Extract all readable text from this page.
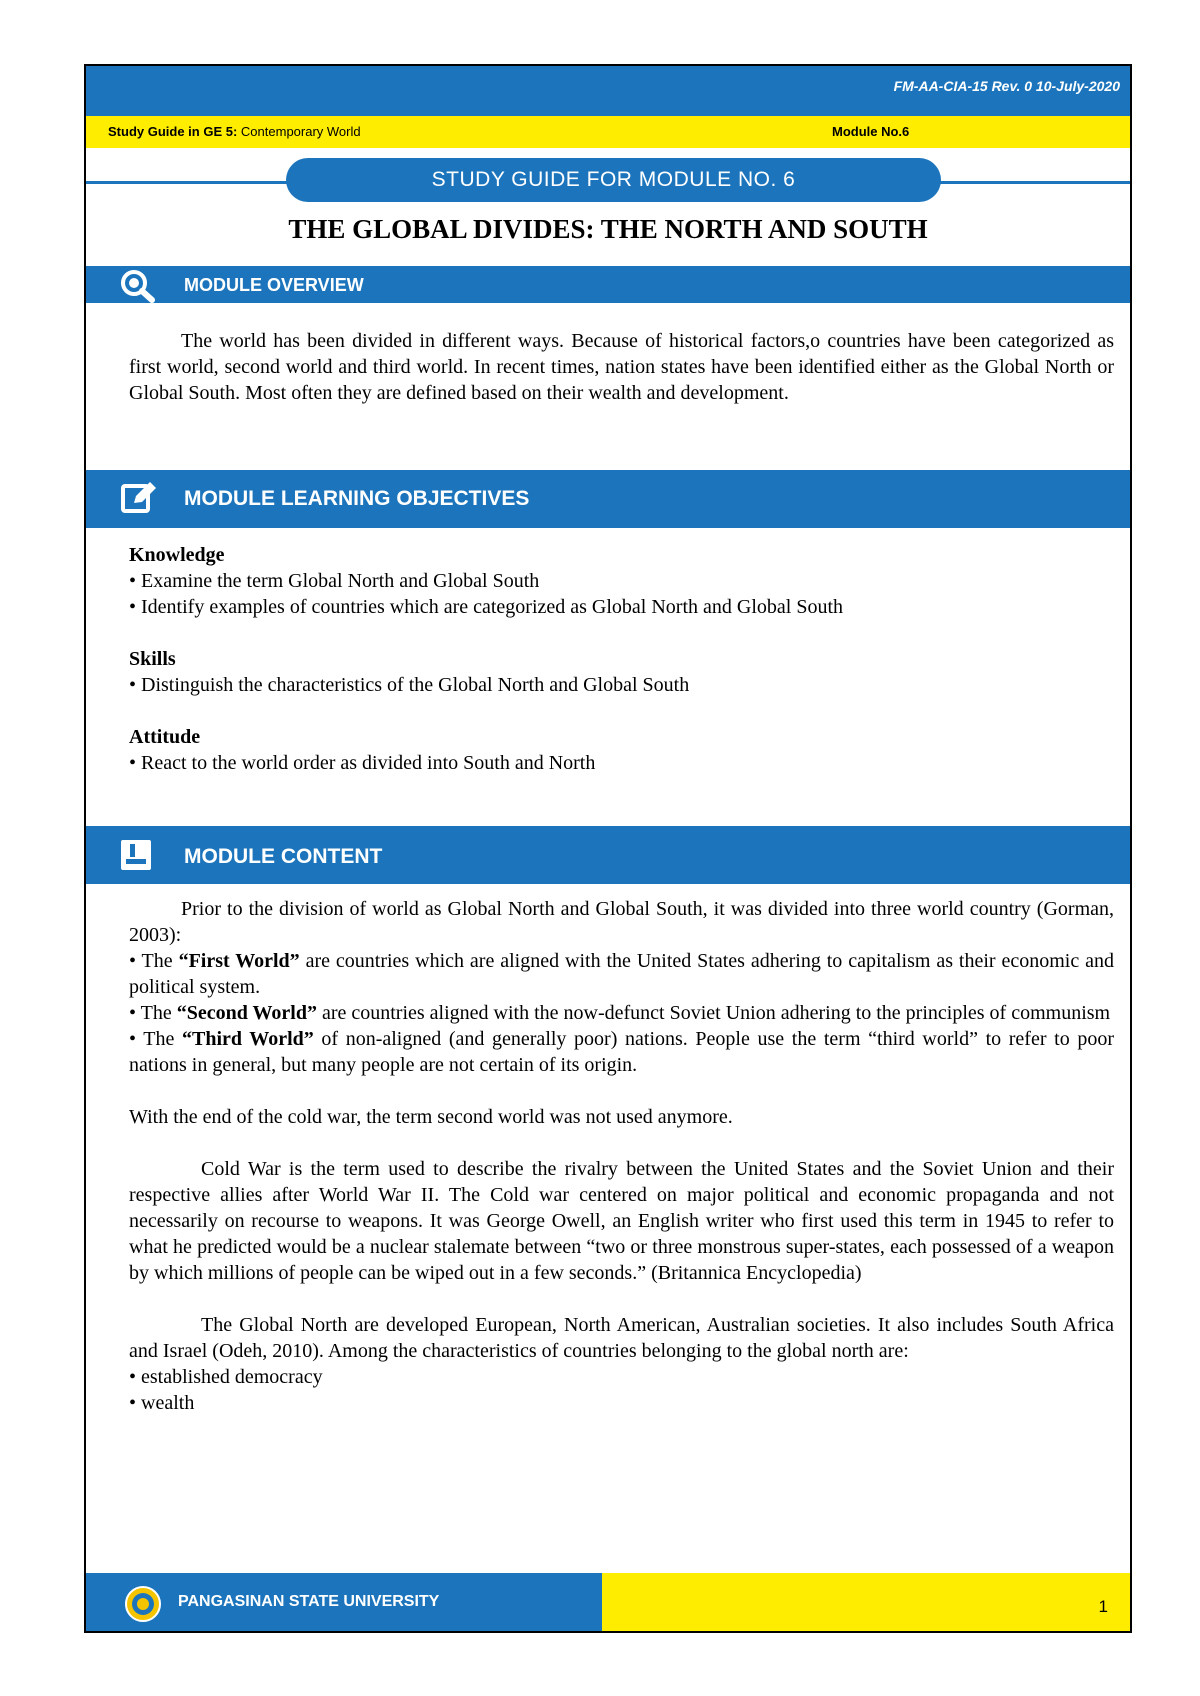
FM-AA-CIA-15 Rev. 0 10-July-2020
Study Guide in GE 5: Contemporary World	Module No.6
STUDY GUIDE FOR MODULE NO. 6
THE GLOBAL DIVIDES: THE NORTH AND SOUTH
MODULE OVERVIEW
The world has been divided in different ways. Because of historical factors,o countries have been categorized as first world, second world and third world. In recent times, nation states have been identified either as the Global North or Global South. Most often they are defined based on their wealth and development.
MODULE LEARNING OBJECTIVES

Knowledge

• Examine the term Global North and Global South

• Identify examples of countries which are categorized as Global North and Global South

Skills

• Distinguish the characteristics of the Global North and Global South

Attitude

• React to the world order as divided into South and North

MODULE CONTENT

Prior to the division of world as Global North and Global South, it was divided into three world country (Gorman, 2003):

• The “First World” are countries which are aligned with the United States adhering to capitalism as their economic and political system.

• The “Second World” are countries aligned with the now-defunct Soviet Union adhering to the principles of communism

• The “Third World” of non-aligned (and generally poor) nations. People use the term “third world” to refer to poor nations in general, but many people are not certain of its origin.

With the end of the cold war, the term second world was not used anymore.

Cold War is the term used to describe the rivalry between the United States and the Soviet Union and their respective allies after World War II. The Cold war centered on major political and economic propaganda and not necessarily on recourse to weapons. It was George Owell, an English writer who first used this term in 1945 to refer to what he predicted would be a nuclear stalemate between “two or three monstrous super-states, each possessed of a weapon by which millions of people can be wiped out in a few seconds.” (Britannica Encyclopedia)

The Global North are developed European, North American, Australian societies. It also includes South Africa and Israel (Odeh, 2010). Among the characteristics of countries belonging to the global north are:

• established democracy

• wealth

PANGASINAN STATE UNIVERSITY	1
